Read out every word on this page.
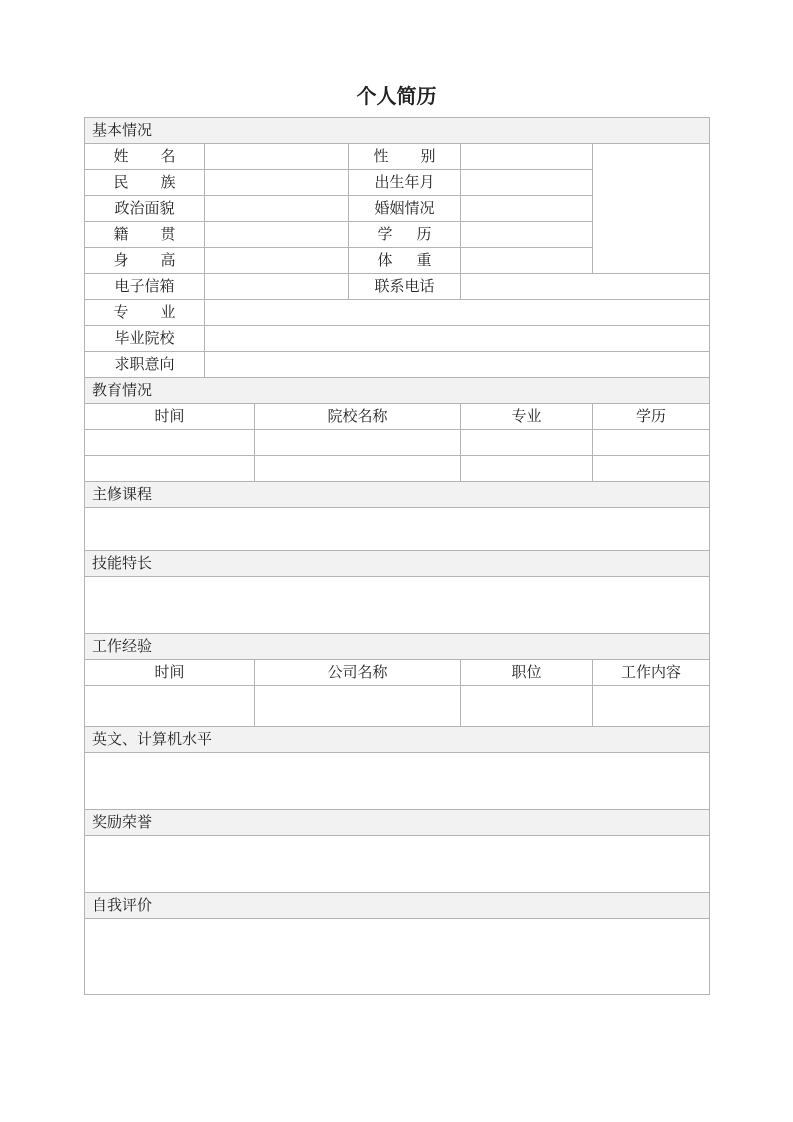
个人简历
基本情况					

姓 名			性 别		

民 族			出生年月		
政治面貌			婚姻情况		

籍 贯			学 历		

身 高			体 重		

电子信箱			联系电话		

专 业					

毕业院校					
求职意向					
教育情况					
时间		院校名称		专业	学历

主修课程					

技能特长					

工作经验					
时间		公司名称		职位	工作内容

英文、计算机水平					

奖励荣誉					

自我评价					
